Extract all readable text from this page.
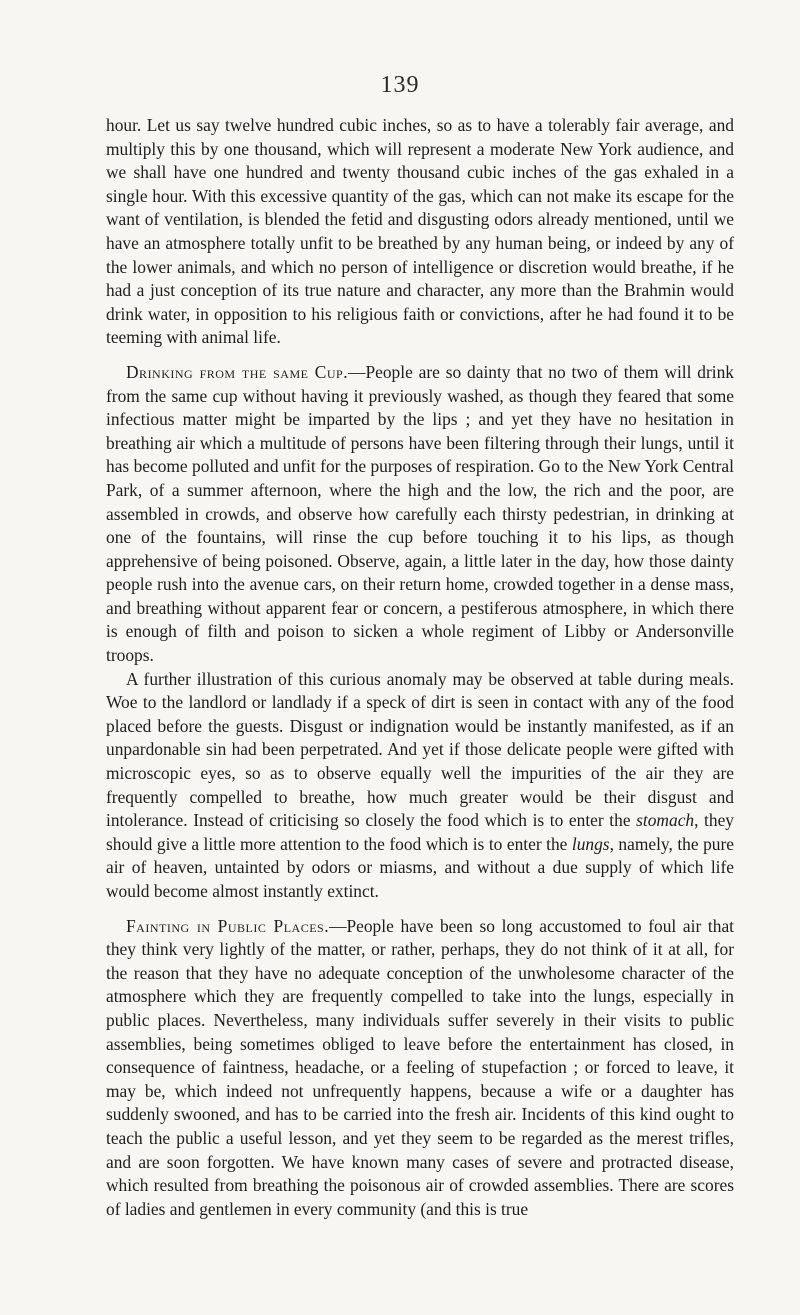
139

hour. Let us say twelve hundred cubic inches, so as to have a tolerably fair average, and multiply this by one thousand, which will represent a moderate New York audience, and we shall have one hundred and twenty thousand cubic inches of the gas exhaled in a single hour. With this excessive quantity of the gas, which can not make its escape for the want of ventilation, is blended the fetid and disgusting odors already mentioned, until we have an atmosphere totally unfit to be breathed by any human being, or indeed by any of the lower animals, and which no person of intelligence or discretion would breathe, if he had a just conception of its true nature and character, any more than the Brahmin would drink water, in opposition to his religious faith or convictions, after he had found it to be teeming with animal life.

Drinking from the same Cup.—People are so dainty that no two of them will drink from the same cup without having it previously washed, as though they feared that some infectious matter might be imparted by the lips ; and yet they have no hesitation in breathing air which a multitude of persons have been filtering through their lungs, until it has become polluted and unfit for the purposes of respiration. Go to the New York Central Park, of a summer afternoon, where the high and the low, the rich and the poor, are assembled in crowds, and observe how carefully each thirsty pedestrian, in drinking at one of the fountains, will rinse the cup before touching it to his lips, as though apprehensive of being poisoned. Observe, again, a little later in the day, how those dainty people rush into the avenue cars, on their return home, crowded together in a dense mass, and breathing without apparent fear or concern, a pestiferous atmosphere, in which there is enough of filth and poison to sicken a whole regiment of Libby or Andersonville troops.

A further illustration of this curious anomaly may be observed at table during meals. Woe to the landlord or landlady if a speck of dirt is seen in contact with any of the food placed before the guests. Disgust or indignation would be instantly manifested, as if an unpardonable sin had been perpetrated. And yet if those delicate people were gifted with microscopic eyes, so as to observe equally well the impurities of the air they are frequently compelled to breathe, how much greater would be their disgust and intolerance. Instead of criticising so closely the food which is to enter the stomach, they should give a little more attention to the food which is to enter the lungs, namely, the pure air of heaven, untainted by odors or miasms, and without a due supply of which life would become almost instantly extinct.

Fainting in Public Places.—People have been so long accustomed to foul air that they think very lightly of the matter, or rather, perhaps, they do not think of it at all, for the reason that they have no adequate conception of the unwholesome character of the atmosphere which they are frequently compelled to take into the lungs, especially in public places. Nevertheless, many individuals suffer severely in their visits to public assemblies, being sometimes obliged to leave before the entertainment has closed, in consequence of faintness, headache, or a feeling of stupefaction ; or forced to leave, it may be, which indeed not unfrequently happens, because a wife or a daughter has suddenly swooned, and has to be carried into the fresh air. Incidents of this kind ought to teach the public a useful lesson, and yet they seem to be regarded as the merest trifles, and are soon forgotten. We have known many cases of severe and protracted disease, which resulted from breathing the poisonous air of crowded assemblies. There are scores of ladies and gentlemen in every community (and this is true
